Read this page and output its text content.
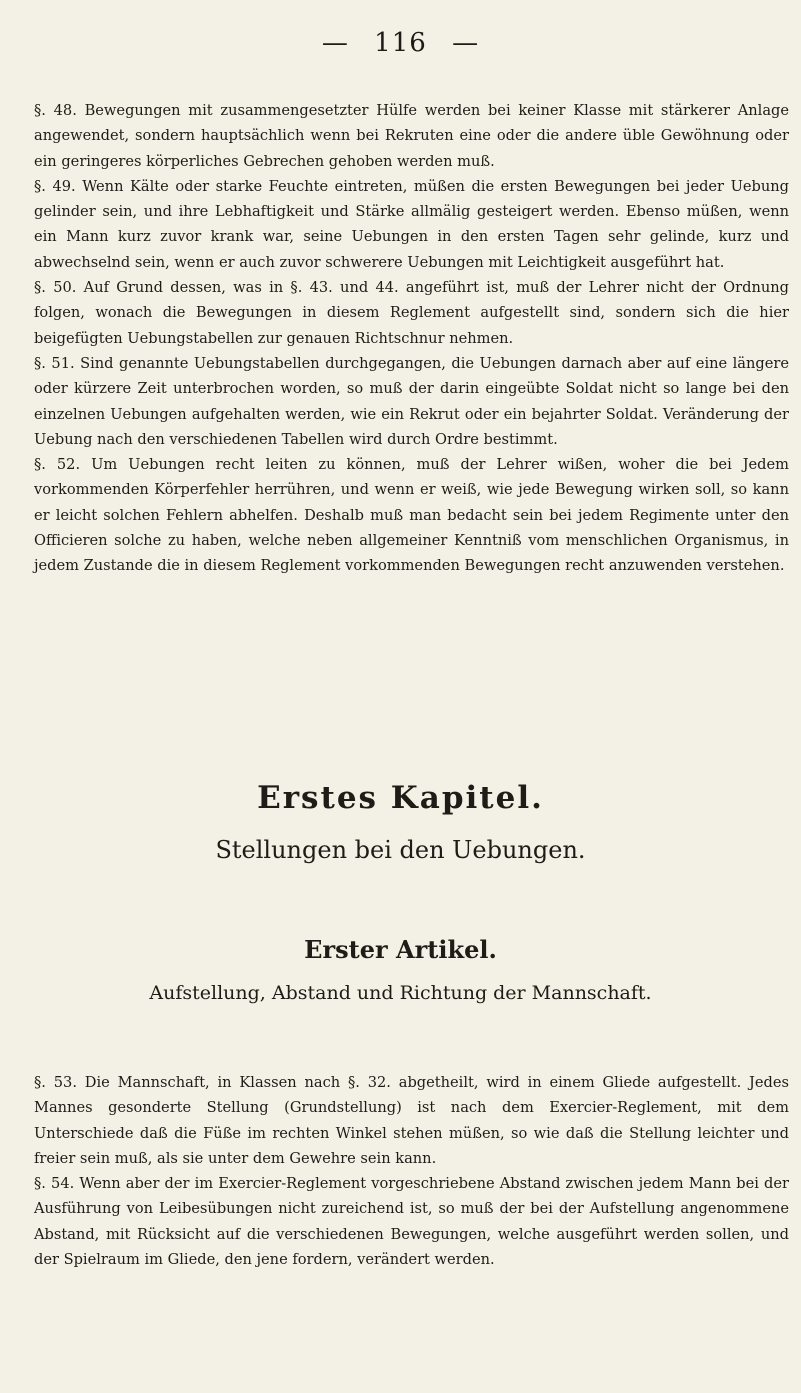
— 116 —

§. 48. Bewegungen mit zusammengesetzter Hülfe werden bei keiner Klasse mit stärkerer Anlage angewendet, sondern hauptsächlich wenn bei Rekruten eine oder die andere üble Gewöhnung oder ein geringeres körperliches Gebrechen gehoben werden muß.

§. 49. Wenn Kälte oder starke Feuchte eintreten, müßen die ersten Bewegungen bei jeder Uebung gelinder sein, und ihre Lebhaftigkeit und Stärke allmälig gesteigert werden. Ebenso müßen, wenn ein Mann kurz zuvor krank war, seine Uebungen in den ersten Tagen sehr gelinde, kurz und abwechselnd sein, wenn er auch zuvor schwerere Uebungen mit Leichtigkeit ausgeführt hat.

§. 50. Auf Grund dessen, was in §. 43. und 44. angeführt ist, muß der Lehrer nicht der Ordnung folgen, wonach die Bewegungen in diesem Reglement aufgestellt sind, sondern sich die hier beigefügten Uebungstabellen zur genauen Richtschnur nehmen.

§. 51. Sind genannte Uebungstabellen durchgegangen, die Uebungen darnach aber auf eine längere oder kürzere Zeit unterbrochen worden, so muß der darin eingeübte Soldat nicht so lange bei den einzelnen Uebungen aufgehalten werden, wie ein Rekrut oder ein bejahrter Soldat. Veränderung der Uebung nach den verschiedenen Tabellen wird durch Ordre bestimmt.

§. 52. Um Uebungen recht leiten zu können, muß der Lehrer wißen, woher die bei Jedem vorkommenden Körperfehler herrühren, und wenn er weiß, wie jede Bewegung wirken soll, so kann er leicht solchen Fehlern abhelfen. Deshalb muß man bedacht sein bei jedem Regimente unter den Officieren solche zu haben, welche neben allgemeiner Kenntniß vom menschlichen Organismus, in jedem Zustande die in diesem Reglement vorkommenden Bewegungen recht anzuwenden verstehen.

Erstes Kapitel.
Stellungen bei den Uebungen.
Erster Artikel.
Aufstellung, Abstand und Richtung der Mannschaft.

§. 53. Die Mannschaft, in Klassen nach §. 32. abgetheilt, wird in einem Gliede aufgestellt. Jedes Mannes gesonderte Stellung (Grundstellung) ist nach dem Exercier-Reglement, mit dem Unterschiede daß die Füße im rechten Winkel stehen müßen, so wie daß die Stellung leichter und freier sein muß, als sie unter dem Gewehre sein kann.

§. 54. Wenn aber der im Exercier-Reglement vorgeschriebene Abstand zwischen jedem Mann bei der Ausführung von Leibesübungen nicht zureichend ist, so muß der bei der Aufstellung angenommene Abstand, mit Rücksicht auf die verschiedenen Bewegungen, welche ausgeführt werden sollen, und der Spielraum im Gliede, den jene fordern, verändert werden.
